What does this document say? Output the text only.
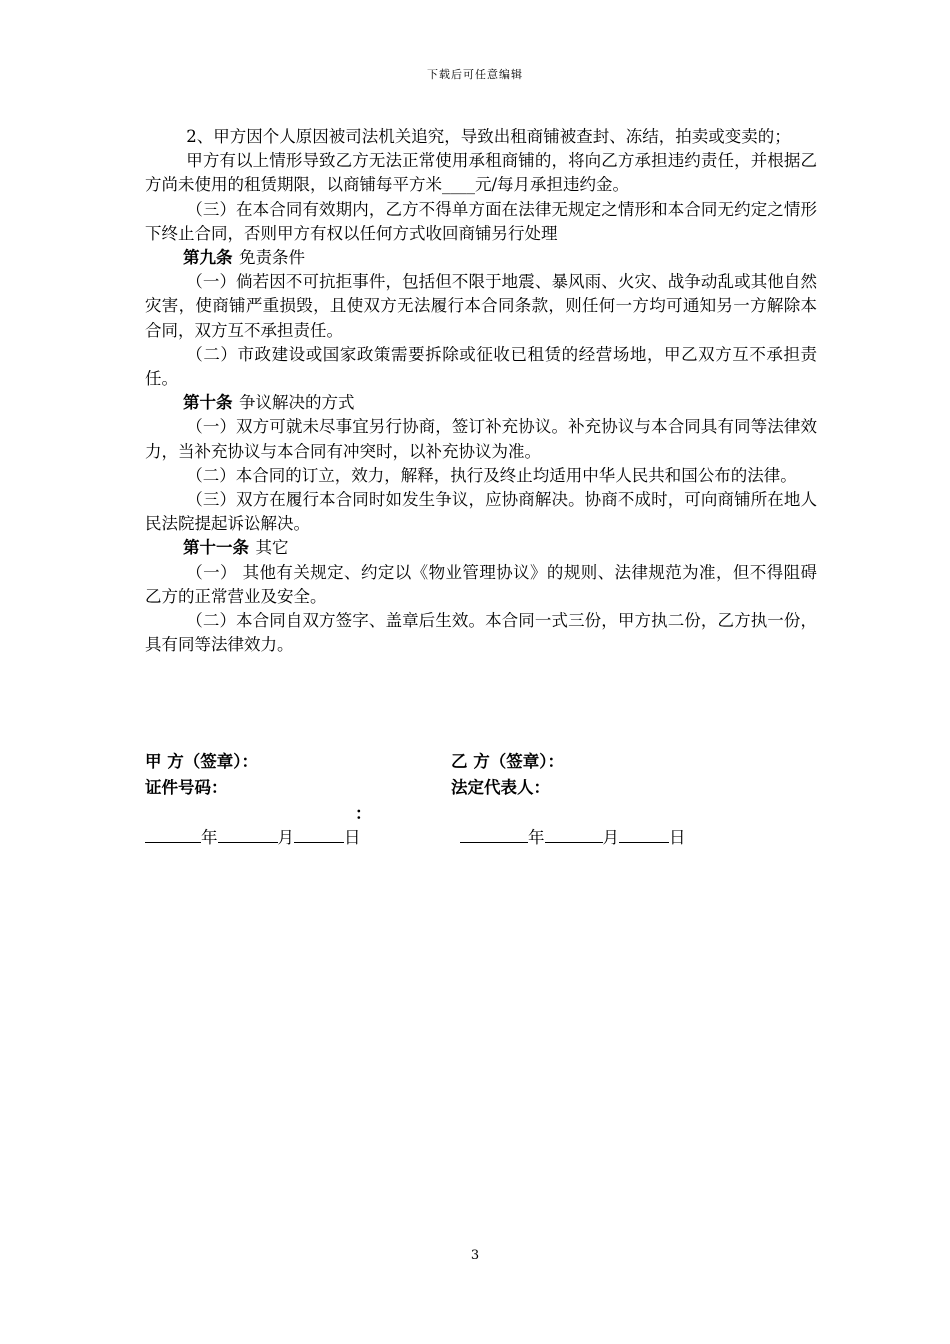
下载后可任意编辑

2、甲方因个人原因被司法机关追究，导致出租商铺被查封、冻结，拍卖或变卖的；

甲方有以上情形导致乙方无法正常使用承租商铺的，将向乙方承担违约责任，并根据乙方尚未使用的租赁期限，以商铺每平方米____元/每月承担违约金。

（三）在本合同有效期内，乙方不得单方面在法律无规定之情形和本合同无约定之情形下终止合同，否则甲方有权以任何方式收回商铺另行处理

第九条 免责条件

（一）倘若因不可抗拒事件，包括但不限于地震、暴风雨、火灾、战争动乱或其他自然灾害，使商铺严重损毁，且使双方无法履行本合同条款，则任何一方均可通知另一方解除本合同，双方互不承担责任。

（二）市政建设或国家政策需要拆除或征收已租赁的经营场地，甲乙双方互不承担责任。

第十条 争议解决的方式

（一）双方可就未尽事宜另行协商，签订补充协议。补充协议与本合同具有同等法律效力，当补充协议与本合同有冲突时，以补充协议为准。

（二）本合同的订立，效力，解释，执行及终止均适用中华人民共和国公布的法律。

（三）双方在履行本合同时如发生争议，应协商解决。协商不成时，可向商铺所在地人民法院提起诉讼解决。

第十一条 其它

（一） 其他有关规定、约定以《物业管理协议》的规则、法律规范为准，但不得阻碍乙方的正常营业及安全。

（二）本合同自双方签字、盖章后生效。本合同一式三份，甲方执二份，乙方执一份，具有同等法律效力。

甲 方（签章）：	乙 方（签章）：
证件号码：	法定代表人：
：
年	月	日	年	月	日
3
